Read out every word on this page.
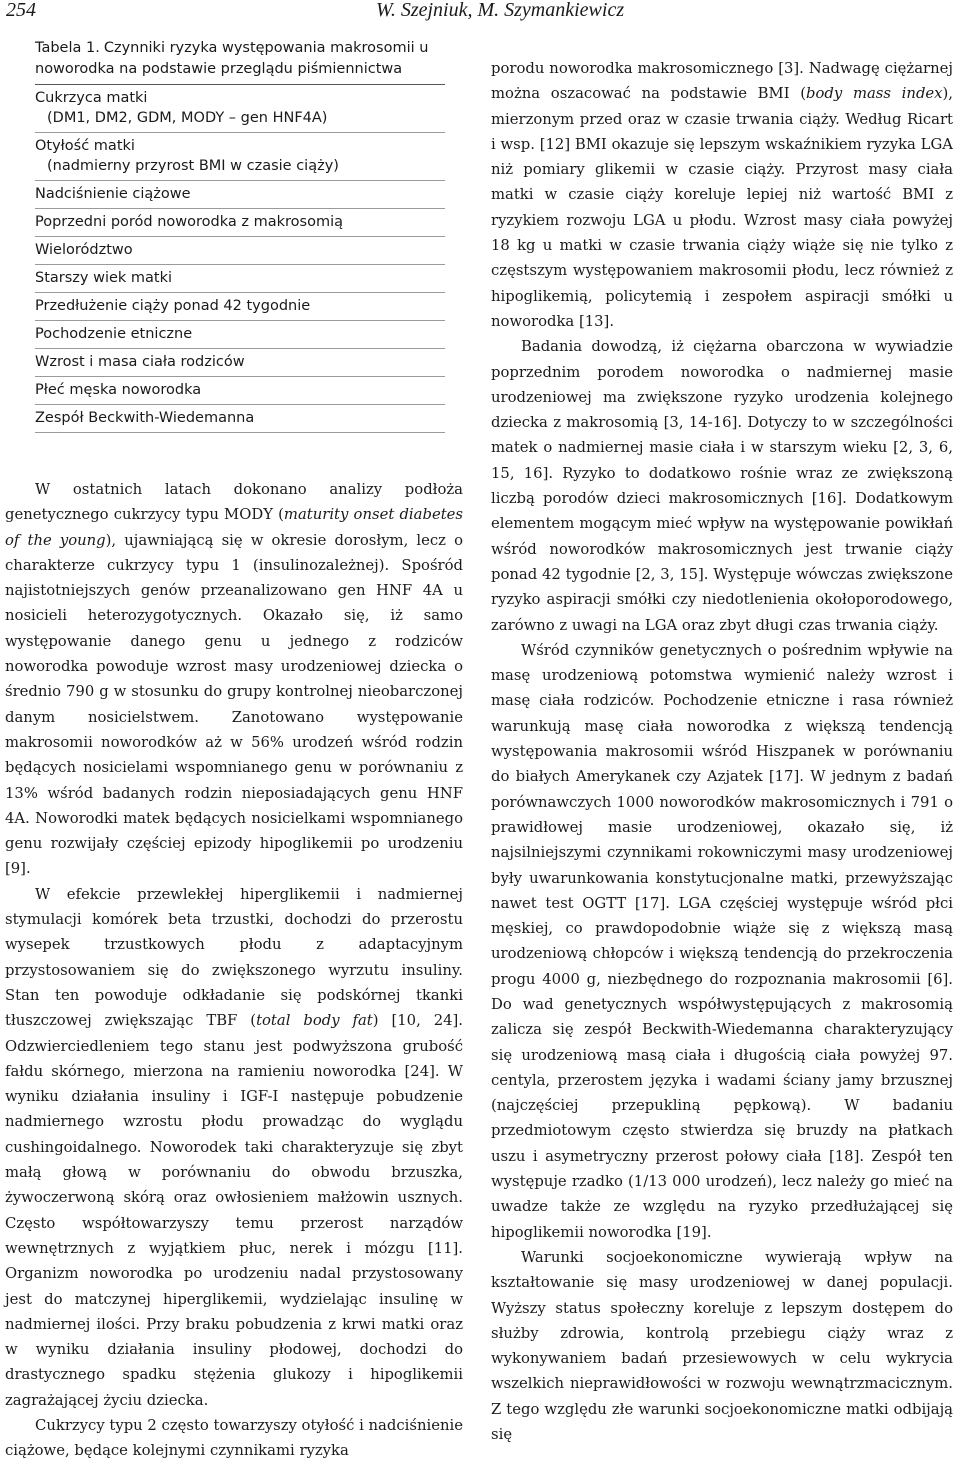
254	W. Szejniuk, M. Szymankiewicz
Tabela 1. Czynniki ryzyka występowania makrosomii u noworodka na podstawie przeglądu piśmiennictwa
Cukrzyca matki
(DM1, DM2, GDM, MODY – gen HNF4A)
Otyłość matki
(nadmierny przyrost BMI w czasie ciąży)
Nadciśnienie ciążowe
Poprzedni poród noworodka z makrosomią
Wielorództwo
Starszy wiek matki
Przedłużenie ciąży ponad 42 tygodnie
Pochodzenie etniczne
Wzrost i masa ciała rodziców
Płeć męska noworodka
Zespół Beckwith-Wiedemanna

W ostatnich latach dokonano analizy podłoża genetycznego cukrzycy typu MODY (maturity onset diabetes of the young), ujawniającą się w okresie dorosłym, lecz o charakterze cukrzycy typu 1 (insulinozależnej). Spośród najistotniejszych genów przeanalizowano gen HNF 4A u nosicieli heterozygotycznych. Okazało się, iż samo występowanie danego genu u jednego z rodziców noworodka powoduje wzrost masy urodzeniowej dziecka o średnio 790 g w stosunku do grupy kontrolnej nieobarczonej danym nosicielstwem. Zanotowano występowanie makrosomii noworodków aż w 56% urodzeń wśród rodzin będących nosicielami wspomnianego genu w porównaniu z 13% wśród badanych rodzin nieposiadających genu HNF 4A. Noworodki matek będących nosicielkami wspomnianego genu rozwijały częściej epizody hipoglikemii po urodzeniu [9].

W efekcie przewlekłej hiperglikemii i nadmiernej stymulacji komórek beta trzustki, dochodzi do przerostu wysepek trzustkowych płodu z adaptacyjnym przystosowaniem się do zwiększonego wyrzutu insuliny. Stan ten powoduje odkładanie się podskórnej tkanki tłuszczowej zwiększając TBF (total body fat) [10, 24]. Odzwierciedleniem tego stanu jest podwyższona grubość fałdu skórnego, mierzona na ramieniu noworodka [24]. W wyniku działania insuliny i IGF-I następuje pobudzenie nadmiernego wzrostu płodu prowadząc do wyglądu cushingoidalnego. Noworodek taki charakteryzuje się zbyt małą głową w porównaniu do obwodu brzuszka, żywoczerwoną skórą oraz owłosieniem małżowin usznych. Często współtowarzyszy temu przerost narządów wewnętrznych z wyjątkiem płuc, nerek i mózgu [11]. Organizm noworodka po urodzeniu nadal przystosowany jest do matczynej hiperglikemii, wydzielając insulinę w nadmiernej ilości. Przy braku pobudzenia z krwi matki oraz w wyniku działania insuliny płodowej, dochodzi do drastycznego spadku stężenia glukozy i hipoglikemii zagrażającej życiu dziecka.

Cukrzycy typu 2 często towarzyszy otyłość i nadciśnienie ciążowe, będące kolejnymi czynnikami ryzyka

porodu noworodka makrosomicznego [3]. Nadwagę ciężarnej można oszacować na podstawie BMI (body mass index), mierzonym przed oraz w czasie trwania ciąży. Według Ricart i wsp. [12] BMI okazuje się lepszym wskaźnikiem ryzyka LGA niż pomiary glikemii w czasie ciąży. Przyrost masy ciała matki w czasie ciąży koreluje lepiej niż wartość BMI z ryzykiem rozwoju LGA u płodu. Wzrost masy ciała powyżej 18 kg u matki w czasie trwania ciąży wiąże się nie tylko z częstszym występowaniem makrosomii płodu, lecz również z hipoglikemią, policytemią i zespołem aspiracji smółki u noworodka [13].

Badania dowodzą, iż ciężarna obarczona w wywiadzie poprzednim porodem noworodka o nadmiernej masie urodzeniowej ma zwiększone ryzyko urodzenia kolejnego dziecka z makrosomią [3, 14-16]. Dotyczy to w szczególności matek o nadmiernej masie ciała i w starszym wieku [2, 3, 6, 15, 16]. Ryzyko to dodatkowo rośnie wraz ze zwiększoną liczbą porodów dzieci makrosomicznych [16]. Dodatkowym elementem mogącym mieć wpływ na występowanie powikłań wśród noworodków makrosomicznych jest trwanie ciąży ponad 42 tygodnie [2, 3, 15]. Występuje wówczas zwiększone ryzyko aspiracji smółki czy niedotlenienia okołoporodowego, zarówno z uwagi na LGA oraz zbyt długi czas trwania ciąży.

Wśród czynników genetycznych o pośrednim wpływie na masę urodzeniową potomstwa wymienić należy wzrost i masę ciała rodziców. Pochodzenie etniczne i rasa również warunkują masę ciała noworodka z większą tendencją występowania makrosomii wśród Hiszpanek w porównaniu do białych Amerykanek czy Azjatek [17]. W jednym z badań porównawczych 1000 noworodków makrosomicznych i 791 o prawidłowej masie urodzeniowej, okazało się, iż najsilniejszymi czynnikami rokowniczymi masy urodzeniowej były uwarunkowania konstytucjonalne matki, przewyższając nawet test OGTT [17]. LGA częściej występuje wśród płci męskiej, co prawdopodobnie wiąże się z większą masą urodzeniową chłopców i większą tendencją do przekroczenia progu 4000 g, niezbędnego do rozpoznania makrosomii [6]. Do wad genetycznych współwystępujących z makrosomią zalicza się zespół Beckwith-Wiedemanna charakteryzujący się urodzeniową masą ciała i długością ciała powyżej 97. centyla, przerostem języka i wadami ściany jamy brzusznej (najczęściej przepukliną pępkową). W badaniu przedmiotowym często stwierdza się bruzdy na płatkach uszu i asymetryczny przerost połowy ciała [18]. Zespół ten występuje rzadko (1/13 000 urodzeń), lecz należy go mieć na uwadze także ze względu na ryzyko przedłużającej się hipoglikemii noworodka [19].

Warunki socjoekonomiczne wywierają wpływ na kształtowanie się masy urodzeniowej w danej populacji. Wyższy status społeczny koreluje z lepszym dostępem do służby zdrowia, kontrolą przebiegu ciąży wraz z wykonywaniem badań przesiewowych w celu wykrycia wszelkich nieprawidłowości w rozwoju wewnątrzmacicznym. Z tego względu złe warunki socjoekonomiczne matki odbijają się
